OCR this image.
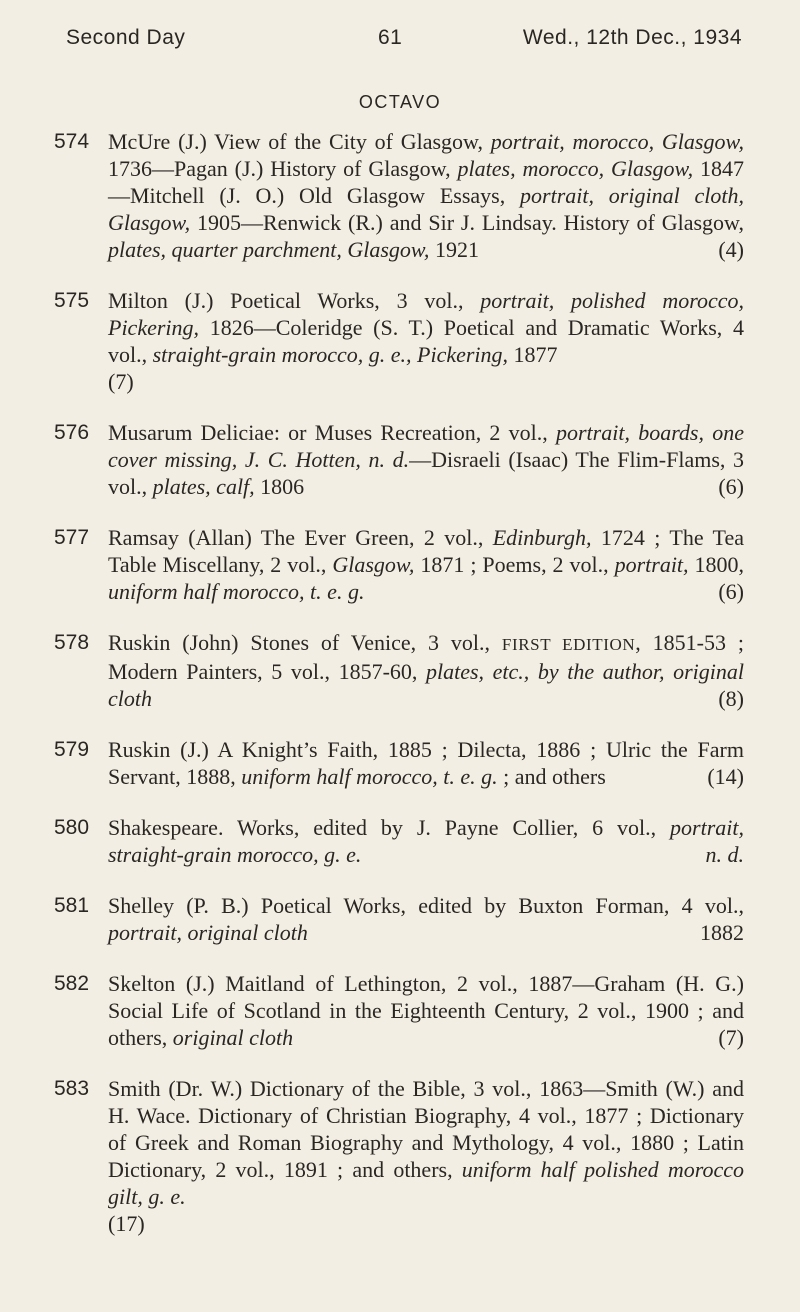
Second Day	61	Wed., 12th Dec., 1934
OCTAVO
574 McUre (J.) View of the City of Glasgow, portrait, morocco, Glasgow, 1736—Pagan (J.) History of Glasgow, plates, morocco, Glasgow, 1847—Mitchell (J. O.) Old Glasgow Essays, portrait, original cloth, Glasgow, 1905—Renwick (R.) and Sir J. Lindsay. History of Glasgow, plates, quarter parchment, Glasgow, 1921	(4)
575 Milton (J.) Poetical Works, 3 vol., portrait, polished morocco, Pickering, 1826—Coleridge (S. T.) Poetical and Dramatic Works, 4 vol., straight-grain morocco, g. e., Pickering, 1877
(7)
576 Musarum Deliciae: or Muses Recreation, 2 vol., portrait, boards, one cover missing, J. C. Hotten, n. d.—Disraeli (Isaac) The Flim-Flams, 3 vol., plates, calf, 1806	(6)
577 Ramsay (Allan) The Ever Green, 2 vol., Edinburgh, 1724 ; The Tea Table Miscellany, 2 vol., Glasgow, 1871 ; Poems, 2 vol., portrait, 1800, uniform half morocco, t. e. g.	(6)
578 Ruskin (John) Stones of Venice, 3 vol., FIRST EDITION, 1851-53 ; Modern Painters, 5 vol., 1857-60, plates, etc., by the author, original cloth	(8)
579 Ruskin (J.) A Knight’s Faith, 1885 ; Dilecta, 1886 ; Ulric the Farm Servant, 1888, uniform half morocco, t. e. g. ; and others	(14)
580 Shakespeare. Works, edited by J. Payne Collier, 6 vol., portrait, straight-grain morocco, g. e.	n. d.
581 Shelley (P. B.) Poetical Works, edited by Buxton Forman, 4 vol., portrait, original cloth	1882
582 Skelton (J.) Maitland of Lethington, 2 vol., 1887—Graham (H. G.) Social Life of Scotland in the Eighteenth Century, 2 vol., 1900 ; and others, original cloth	(7)
583 Smith (Dr. W.) Dictionary of the Bible, 3 vol., 1863—Smith (W.) and H. Wace. Dictionary of Christian Biography, 4 vol., 1877 ; Dictionary of Greek and Roman Biography and Mythology, 4 vol., 1880 ; Latin Dictionary, 2 vol., 1891 ; and others, uniform half polished morocco gilt, g. e.
(17)
